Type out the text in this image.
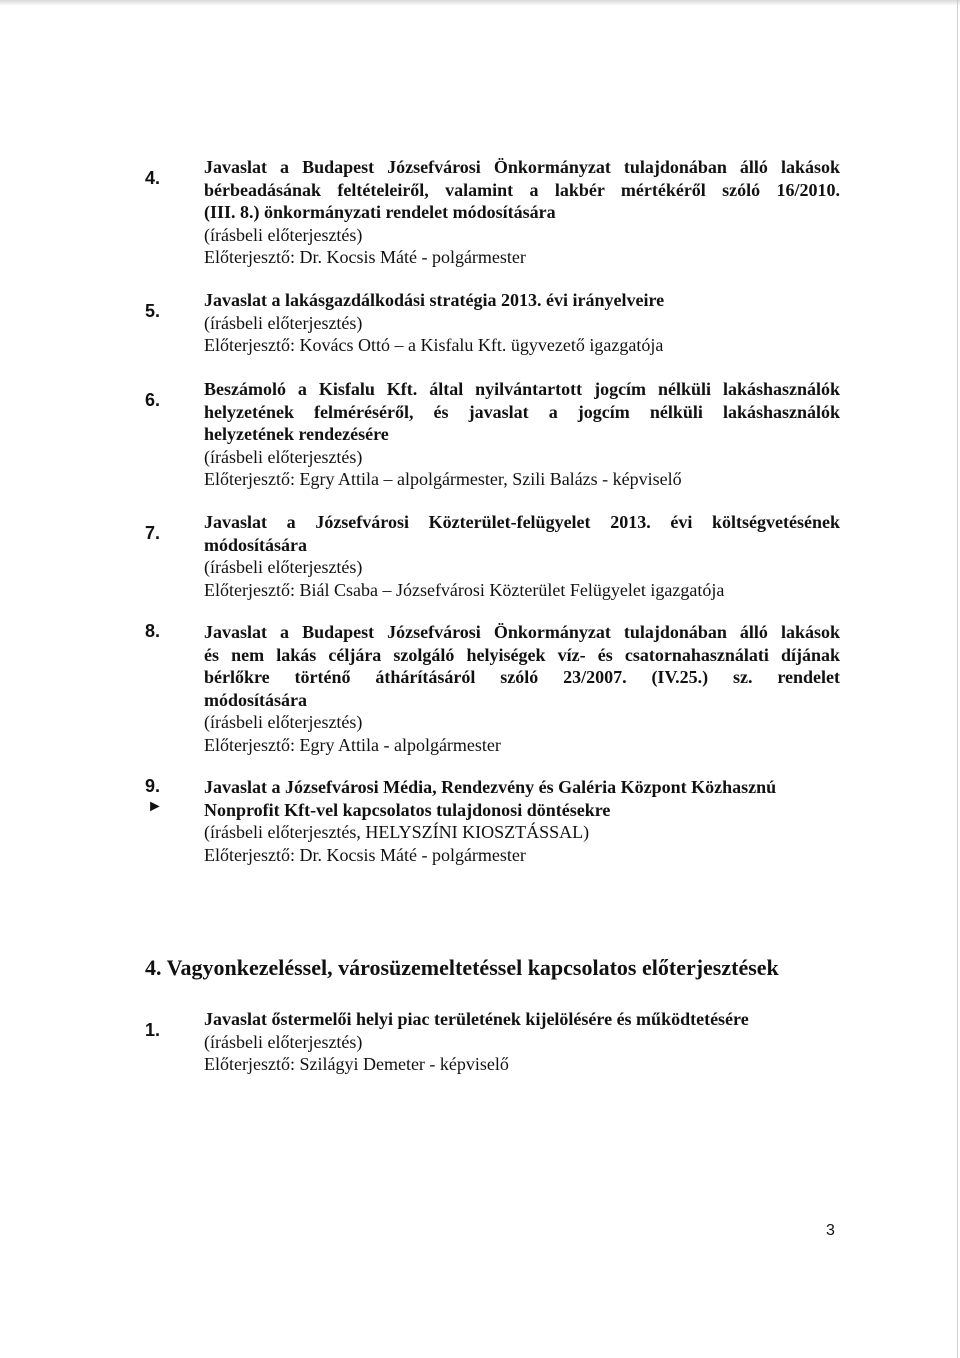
4.
Javaslat a Budapest Józsefvárosi Önkormányzat tulajdonában álló lakások
bérbeadásának feltételeiről, valamint a lakbér mértékéről szóló 16/2010.
(III. 8.) önkormányzati rendelet módosítására
(írásbeli előterjesztés)
Előterjesztő: Dr. Kocsis Máté - polgármester
5.
Javaslat a lakásgazdálkodási stratégia 2013. évi irányelveire
(írásbeli előterjesztés)
Előterjesztő: Kovács Ottó – a Kisfalu Kft. ügyvezető igazgatója
6.
Beszámoló a Kisfalu Kft. által nyilvántartott jogcím nélküli lakáshasználók
helyzetének felméréséről, és javaslat a jogcím nélküli lakáshasználók
helyzetének rendezésére
(írásbeli előterjesztés)
Előterjesztő: Egry Attila – alpolgármester, Szili Balázs - képviselő
7.
Javaslat a Józsefvárosi Közterület-felügyelet 2013. évi költségvetésének
módosítására
(írásbeli előterjesztés)
Előterjesztő: Biál Csaba – Józsefvárosi Közterület Felügyelet igazgatója
8. Javaslat a Budapest Józsefvárosi Önkormányzat tulajdonában álló lakások
és nem lakás céljára szolgáló helyiségek víz- és csatornahasználati díjának
bérlőkre történő áthárításáról szóló 23/2007. (IV.25.) sz. rendelet
módosítására
(írásbeli előterjesztés)
Előterjesztő: Egry Attila - alpolgármester
9.
►
Javaslat a Józsefvárosi Média, Rendezvény és Galéria Központ Közhasznú
Nonprofit Kft-vel kapcsolatos tulajdonosi döntésekre
(írásbeli előterjesztés, HELYSZÍNI KIOSZTÁSSAL)
Előterjesztő: Dr. Kocsis Máté - polgármester
4. Vagyonkezeléssel, városüzemeltetéssel kapcsolatos előterjesztések
1.
Javaslat őstermelői helyi piac területének kijelölésére és működtetésére
(írásbeli előterjesztés)
Előterjesztő: Szilágyi Demeter - képviselő
3
